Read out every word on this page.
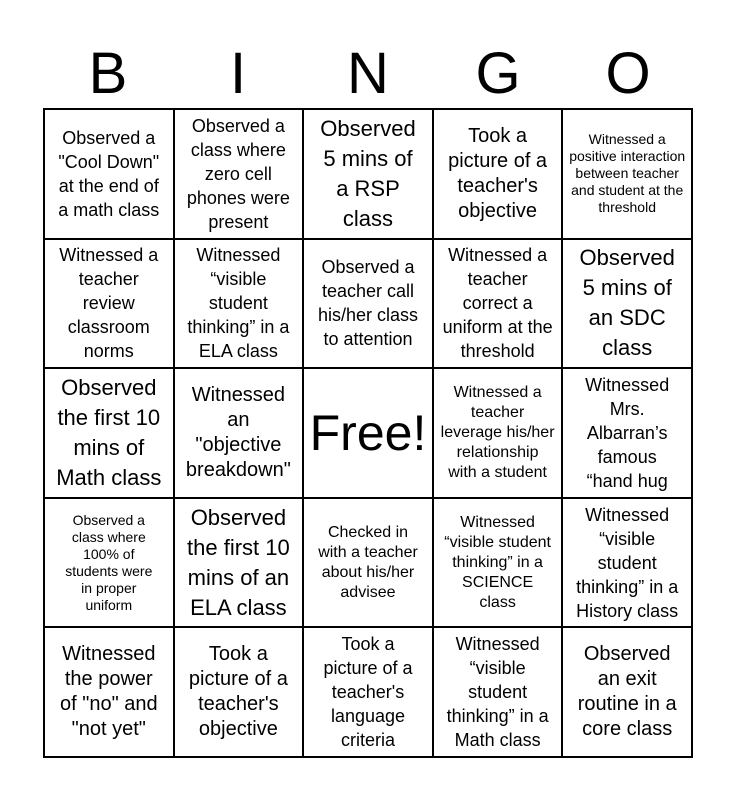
B	I	N	G	O
Observed a
"Cool Down"
at the end of
a math class
Observed a
class where
zero cell
phones were
present
Observed
5 mins of
a RSP
class
Took a
picture of a
teacher's
objective
Witnessed a
positive interaction
between teacher
and student at the
threshold
Witnessed a
teacher
review
classroom
norms
Witnessed
“visible
student
thinking” in a
ELA class
Observed a
teacher call
his/her class
to attention
Witnessed a
teacher
correct a
uniform at the
threshold
Observed
5 mins of
an SDC
class
Observed
the first 10
mins of
Math class
Witnessed
an
"objective
breakdown"
Free!
Witnessed a
teacher
leverage his/her
relationship
with a student
Witnessed
Mrs.
Albarran’s
famous
“hand hug
Observed a
class where
100% of
students were
in proper
uniform
Observed
the first 10
mins of an
ELA class
Checked in
with a teacher
about his/her
advisee
Witnessed
“visible student
thinking” in a
SCIENCE
class
Witnessed
“visible
student
thinking” in a
History class
Witnessed
the power
of "no" and
"not yet"
Took a
picture of a
teacher's
objective
Took a
picture of a
teacher's
language
criteria
Witnessed
“visible
student
thinking” in a
Math class
Observed
an exit
routine in a
core class
